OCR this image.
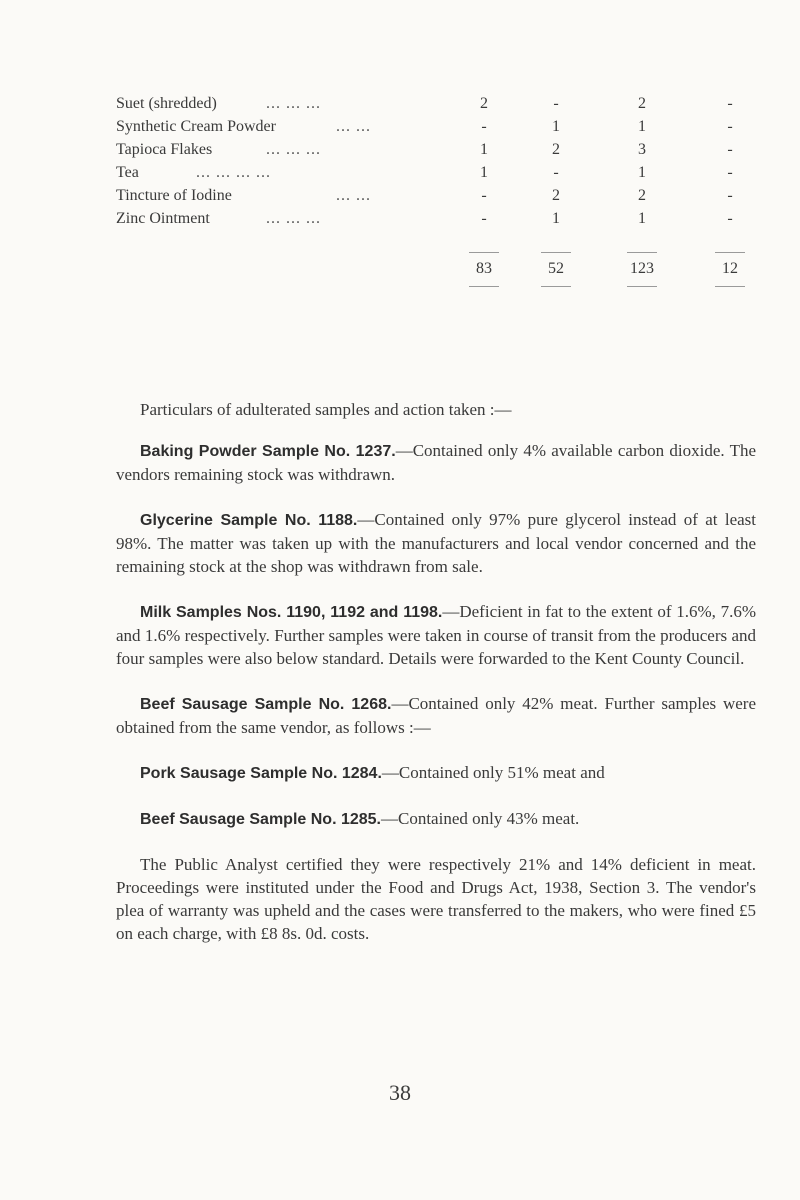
Suet (shredded)	... ... ...	2	-	2	-
Synthetic Cream Powder	... ...	-	1	1	-
Tapioca Flakes	... ... ...	1	2	3	-
Tea	... ... ... ...	1	-	1	-
Tincture of Iodine	... ...	-	2	2	-
Zinc Ointment	... ... ...	-	1	1	-
83	52	123	12
Particulars of adulterated samples and action taken :—

Baking Powder Sample No. 1237.—Contained only 4% available carbon dioxide. The vendors remaining stock was withdrawn.

Glycerine Sample No. 1188.—Contained only 97% pure glycerol instead of at least 98%. The matter was taken up with the manufacturers and local vendor concerned and the remaining stock at the shop was withdrawn from sale.

Milk Samples Nos. 1190, 1192 and 1198.—Deficient in fat to the extent of 1.6%, 7.6% and 1.6% respectively. Further samples were taken in course of transit from the producers and four samples were also below standard. Details were forwarded to the Kent County Council.

Beef Sausage Sample No. 1268.—Contained only 42% meat. Further samples were obtained from the same vendor, as follows :—

Pork Sausage Sample No. 1284.—Contained only 51% meat and

Beef Sausage Sample No. 1285.—Contained only 43% meat.

The Public Analyst certified they were respectively 21% and 14% deficient in meat. Proceedings were instituted under the Food and Drugs Act, 1938, Section 3. The vendor's plea of warranty was upheld and the cases were transferred to the makers, who were fined £5 on each charge, with £8 8s. 0d. costs.

38
